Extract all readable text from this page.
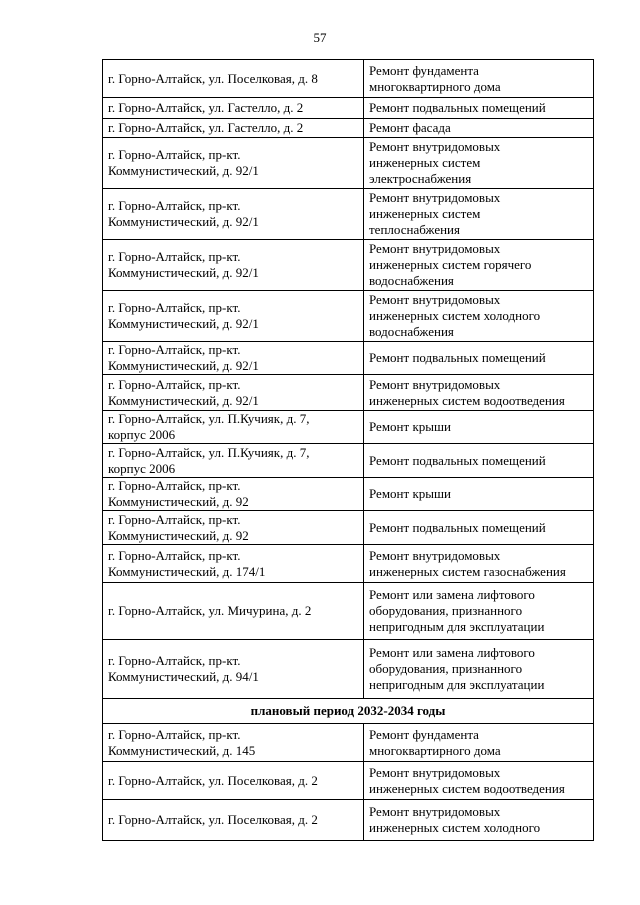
57
г. Горно-Алтайск, ул. Поселковая, д. 8	Ремонт фундамента
многоквартирного дома
г. Горно-Алтайск, ул. Гастелло, д. 2	Ремонт подвальных помещений
г. Горно-Алтайск, ул. Гастелло, д. 2	Ремонт фасада
г. Горно-Алтайск, пр-кт.
Коммунистический, д. 92/1	Ремонт внутридомовых
инженерных систем
электроснабжения
г. Горно-Алтайск, пр-кт.
Коммунистический, д. 92/1	Ремонт внутридомовых
инженерных систем
теплоснабжения
г. Горно-Алтайск, пр-кт.
Коммунистический, д. 92/1	Ремонт внутридомовых
инженерных систем горячего
водоснабжения
г. Горно-Алтайск, пр-кт.
Коммунистический, д. 92/1	Ремонт внутридомовых
инженерных систем холодного
водоснабжения
г. Горно-Алтайск, пр-кт.
Коммунистический, д. 92/1	Ремонт подвальных помещений
г. Горно-Алтайск, пр-кт.
Коммунистический, д. 92/1	Ремонт внутридомовых
инженерных систем водоотведения
г. Горно-Алтайск, ул. П.Кучияк, д. 7,
корпус 2006	Ремонт крыши
г. Горно-Алтайск, ул. П.Кучияк, д. 7,
корпус 2006	Ремонт подвальных помещений
г. Горно-Алтайск, пр-кт.
Коммунистический, д. 92	Ремонт крыши
г. Горно-Алтайск, пр-кт.
Коммунистический, д. 92	Ремонт подвальных помещений
г. Горно-Алтайск, пр-кт.
Коммунистический, д. 174/1	Ремонт внутридомовых
инженерных систем газоснабжения
г. Горно-Алтайск, ул. Мичурина, д. 2	Ремонт или замена лифтового
оборудования, признанного
непригодным для эксплуатации
г. Горно-Алтайск, пр-кт.
Коммунистический, д. 94/1	Ремонт или замена лифтового
оборудования, признанного
непригодным для эксплуатации
плановый период 2032-2034 годы	
г. Горно-Алтайск, пр-кт.
Коммунистический, д. 145	Ремонт фундамента
многоквартирного дома
г. Горно-Алтайск, ул. Поселковая, д. 2	Ремонт внутридомовых
инженерных систем водоотведения
г. Горно-Алтайск, ул. Поселковая, д. 2	Ремонт внутридомовых
инженерных систем холодного
